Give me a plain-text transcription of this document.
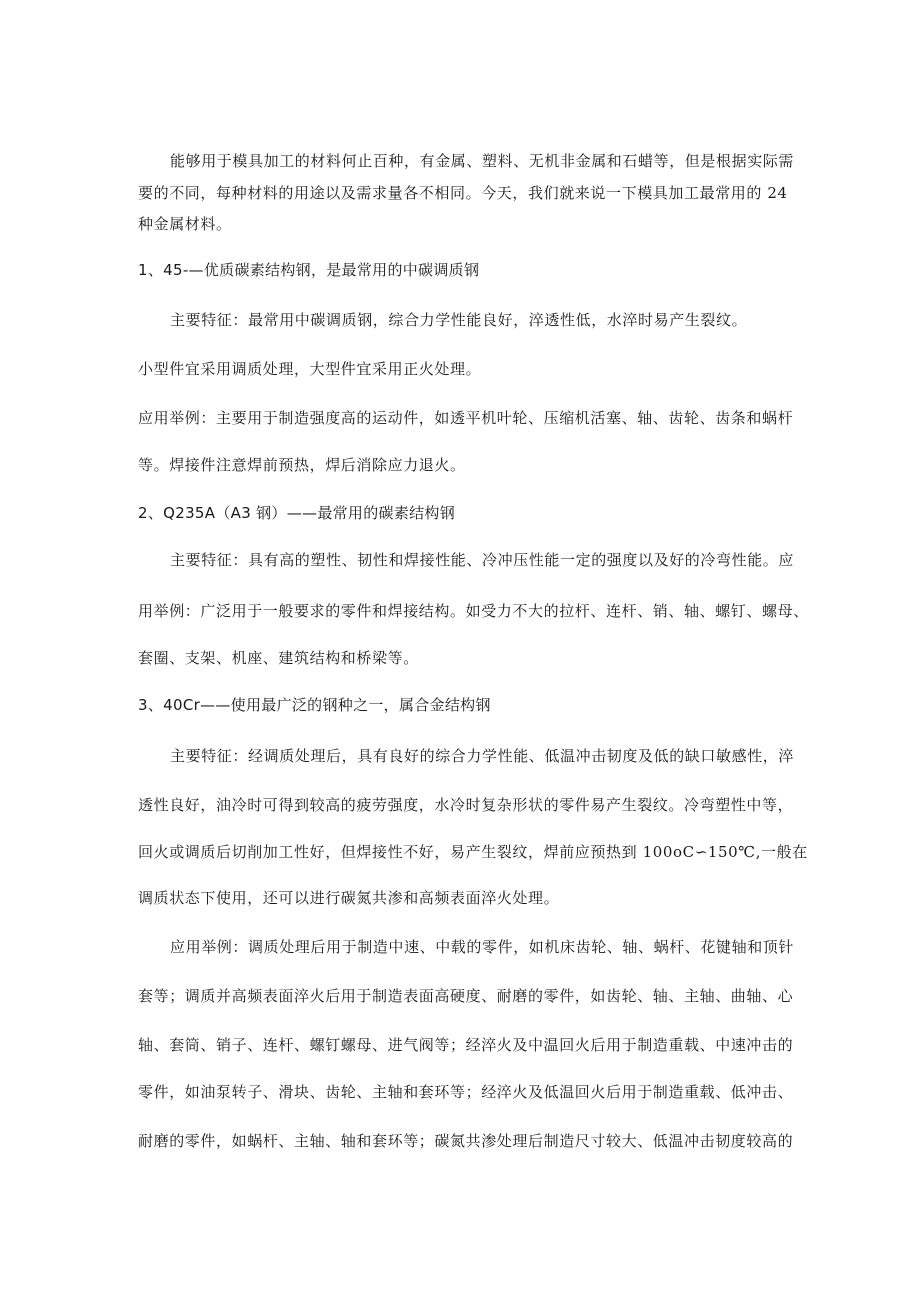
能够用于模具加工的材料何止百种，有金属、塑料、无机非金属和石蜡等，但是根据实际需
要的不同，每种材料的用途以及需求量各不相同。今天，我们就来说一下模具加工最常用的 24
种金属材料。
1、45-—优质碳素结构钢，是最常用的中碳调质钢
主要特征：最常用中碳调质钢，综合力学性能良好，淬透性低，水淬时易产生裂纹。
小型件宜采用调质处理，大型件宜采用正火处理。
应用举例：主要用于制造强度高的运动件，如透平机叶轮、压缩机活塞、轴、齿轮、齿条和蜗杆
等。焊接件注意焊前预热，焊后消除应力退火。
2、Q235A（A3 钢）——最常用的碳素结构钢
主要特征：具有高的塑性、韧性和焊接性能、冷冲压性能一定的强度以及好的冷弯性能。应
用举例：广泛用于一般要求的零件和焊接结构。如受力不大的拉杆、连杆、销、轴、螺钉、螺母、
套圈、支架、机座、建筑结构和桥梁等。
3、40Cr——使用最广泛的钢种之一，属合金结构钢
主要特征：经调质处理后，具有良好的综合力学性能、低温冲击韧度及低的缺口敏感性，淬
透性良好，油冷时可得到较高的疲劳强度，水冷时复杂形状的零件易产生裂纹。冷弯塑性中等，
回火或调质后切削加工性好，但焊接性不好，易产生裂纹，焊前应预热到 100oC∽150℃,一般在
调质状态下使用，还可以进行碳氮共渗和高频表面淬火处理。
应用举例：调质处理后用于制造中速、中载的零件，如机床齿轮、轴、蜗杆、花键轴和顶针
套等；调质并高频表面淬火后用于制造表面高硬度、耐磨的零件，如齿轮、轴、主轴、曲轴、心
轴、套筒、销子、连杆、螺钉螺母、进气阀等；经淬火及中温回火后用于制造重载、中速冲击的
零件，如油泵转子、滑块、齿轮、主轴和套环等；经淬火及低温回火后用于制造重载、低冲击、
耐磨的零件，如蜗杆、主轴、轴和套环等；碳氮共渗处理后制造尺寸较大、低温冲击韧度较高的
